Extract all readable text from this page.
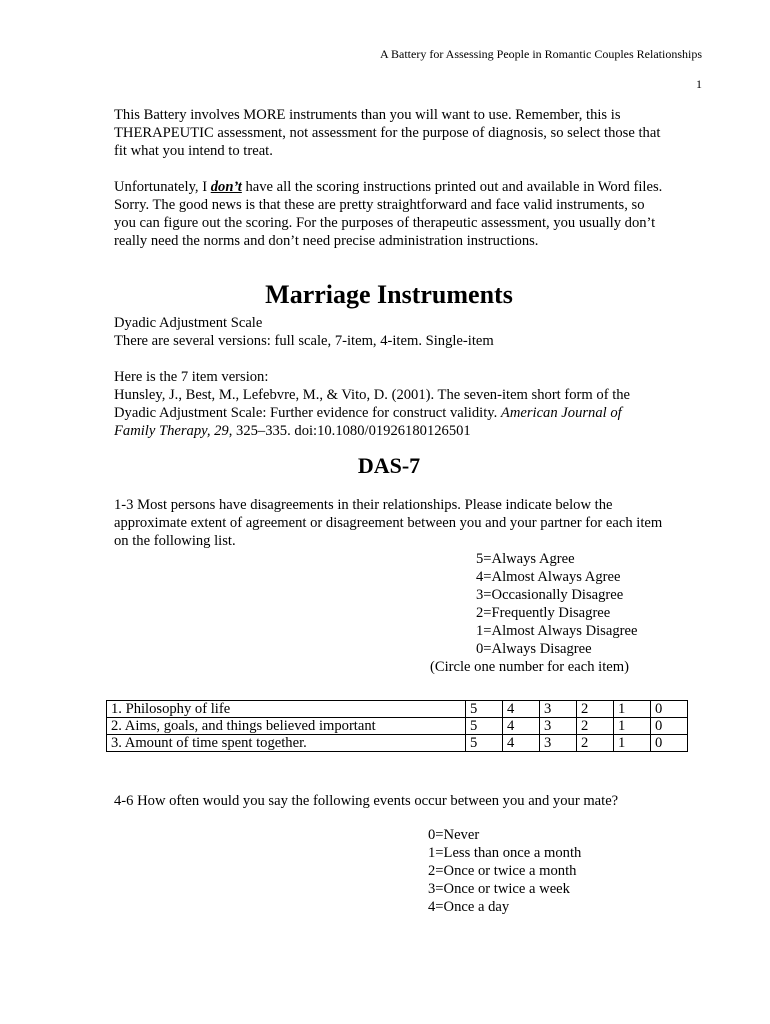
A Battery for Assessing People in Romantic Couples Relationships
1

This Battery involves MORE instruments than you will want to use. Remember, this is THERAPEUTIC assessment, not assessment for the purpose of diagnosis, so select those that fit what you intend to treat.

Unfortunately, I don’t have all the scoring instructions printed out and available in Word files. Sorry. The good news is that these are pretty straightforward and face valid instruments, so you can figure out the scoring. For the purposes of therapeutic assessment, you usually don’t really need the norms and don’t need precise administration instructions.

Marriage Instruments

Dyadic Adjustment Scale

There are several versions: full scale, 7-item, 4-item. Single-item

Here is the 7 item version:

Hunsley, J., Best, M., Lefebvre, M., & Vito, D. (2001). The seven-item short form of the Dyadic Adjustment Scale: Further evidence for construct validity. American Journal of Family Therapy, 29, 325–335. doi:10.1080/01926180126501

DAS-7

1-3 Most persons have disagreements in their relationships. Please indicate below the approximate extent of agreement or disagreement between you and your partner for each item on the following list.

5=Always Agree

4=Almost Always Agree

3=Occasionally Disagree

2=Frequently Disagree

1=Almost Always Disagree

0=Always Disagree

(Circle one number for each item)

1. Philosophy of life	5	4	3	2	1	0
2. Aims, goals, and things believed important	5	4	3	2	1	0
3. Amount of time spent together.	5	4	3	2	1	0

4-6 How often would you say the following events occur between you and your mate?

0=Never

1=Less than once a month

2=Once or twice a month

3=Once or twice a week

4=Once a day
